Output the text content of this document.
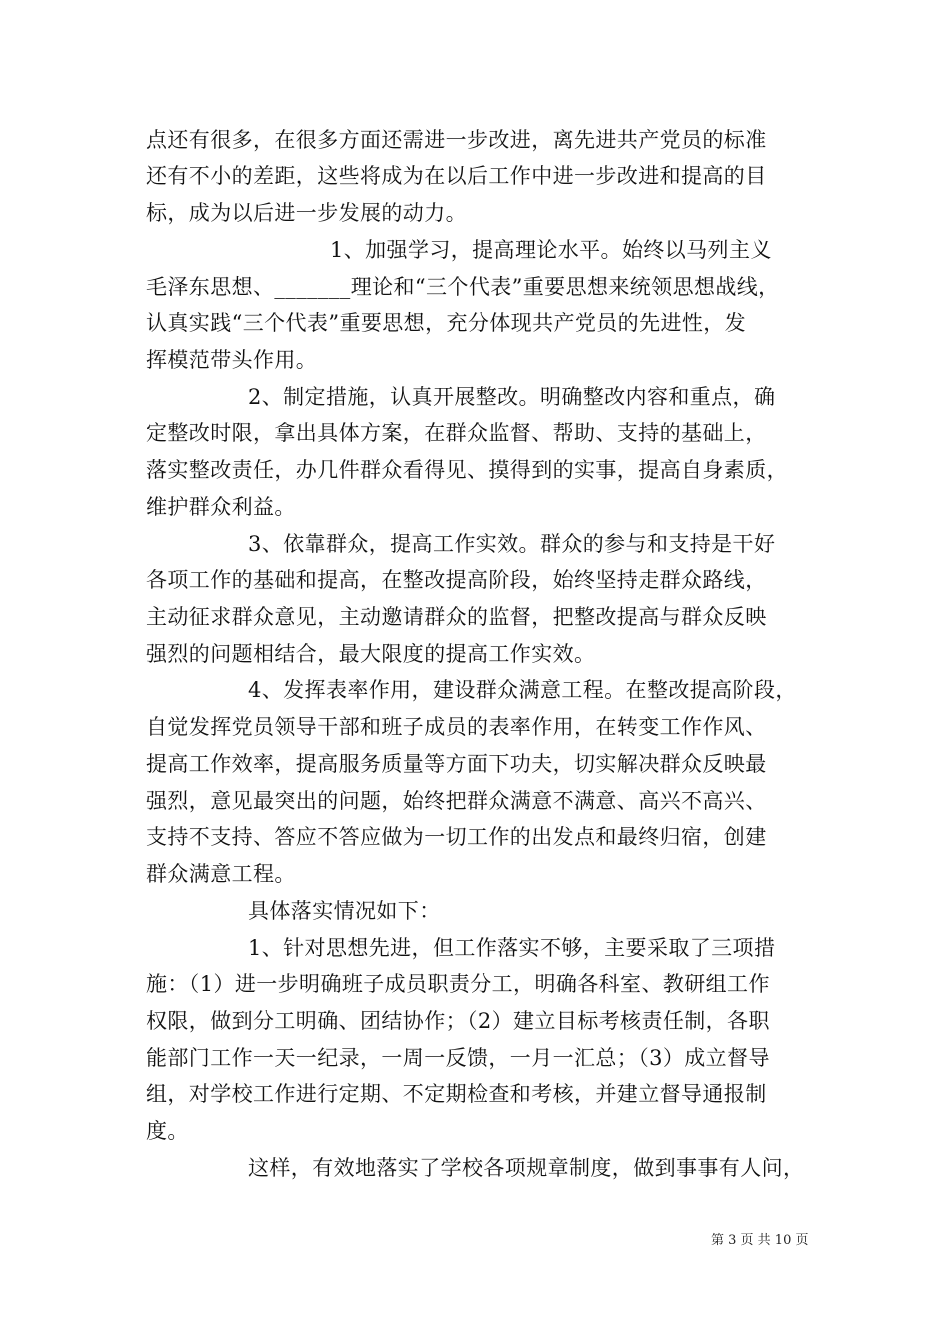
点还有很多，在很多方面还需进一步改进，离先进共产党员的标准
还有不小的差距，这些将成为在以后工作中进一步改进和提高的目
标，成为以后进一步发展的动力。
1、加强学习，提高理论水平。始终以马列主义
毛泽东思想、_______理论和“三个代表”重要思想来统领思想战线，
认真实践“三个代表”重要思想，充分体现共产党员的先进性，发
挥模范带头作用。
2、制定措施，认真开展整改。明确整改内容和重点，确
定整改时限，拿出具体方案，在群众监督、帮助、支持的基础上，
落实整改责任，办几件群众看得见、摸得到的实事，提高自身素质，
维护群众利益。
3、依靠群众，提高工作实效。群众的参与和支持是干好
各项工作的基础和提高，在整改提高阶段，始终坚持走群众路线，
主动征求群众意见，主动邀请群众的监督，把整改提高与群众反映
强烈的问题相结合，最大限度的提高工作实效。
4、发挥表率作用，建设群众满意工程。在整改提高阶段，
自觉发挥党员领导干部和班子成员的表率作用，在转变工作作风、
提高工作效率，提高服务质量等方面下功夫，切实解决群众反映最
强烈，意见最突出的问题，始终把群众满意不满意、高兴不高兴、
支持不支持、答应不答应做为一切工作的出发点和最终归宿，创建
群众满意工程。
具体落实情况如下：
1、针对思想先进，但工作落实不够，主要采取了三项措
施：（1）进一步明确班子成员职责分工，明确各科室、教研组工作
权限，做到分工明确、团结协作；（2）建立目标考核责任制，各职
能部门工作一天一纪录，一周一反馈，一月一汇总；（3）成立督导
组，对学校工作进行定期、不定期检查和考核，并建立督导通报制
度。
这样，有效地落实了学校各项规章制度，做到事事有人问，
第 3 页 共 10 页
